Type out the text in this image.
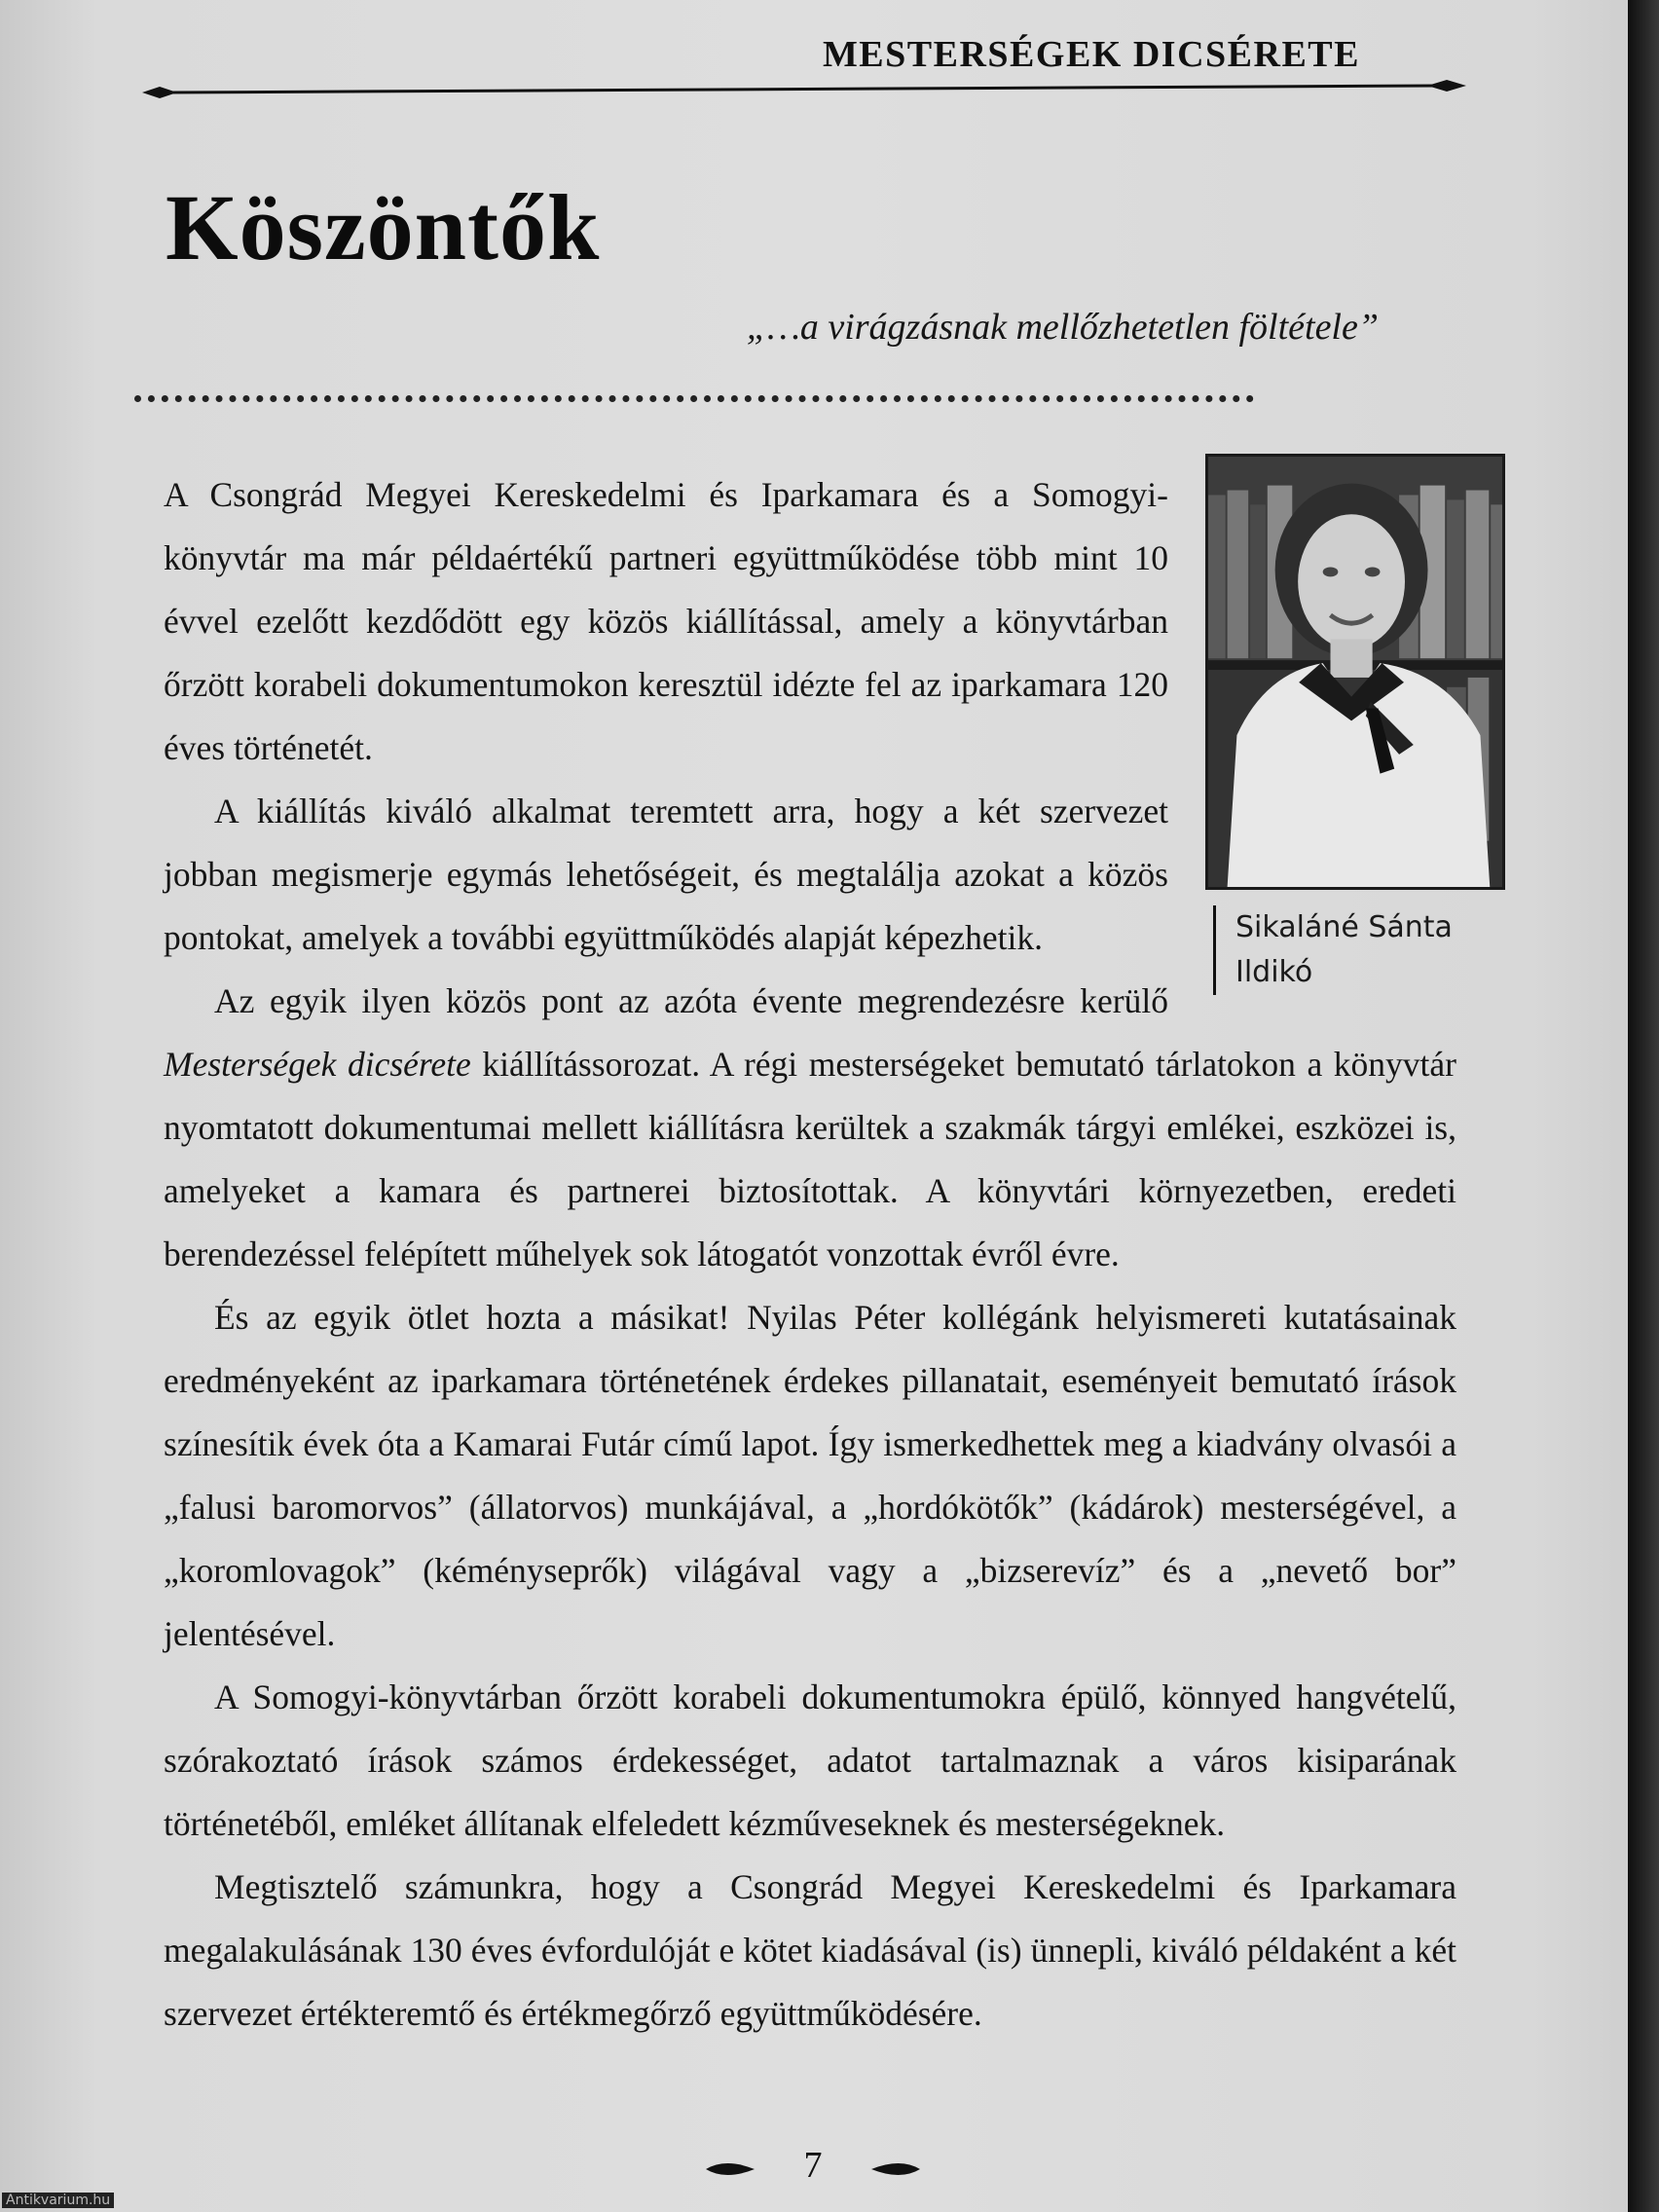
MESTERSÉGEK DICSÉRETE
Köszöntők
„…a virágzásnak mellőzhetetlen föltétele”
Sikaláné Sánta
Ildikó

A Csongrád Megyei Kereskedelmi és Iparkamara és a Somogyi-könyvtár ma már példaértékű partneri együttműködése több mint 10 évvel ezelőtt kezdődött egy közös kiállítással, amely a könyvtárban őrzött korabeli dokumentumokon keresztül idézte fel az iparkamara 120 éves történetét.

A kiállítás kiváló alkalmat teremtett arra, hogy a két szervezet jobban megismerje egymás lehetőségeit, és megtalálja azokat a közös pontokat, amelyek a további együttműködés alapját képezhetik.

Az egyik ilyen közös pont az azóta évente megrendezésre kerülő

Mesterségek dicsérete kiállítássorozat. A régi mesterségeket bemutató tárlatokon a könyvtár nyomtatott dokumentumai mellett kiállításra kerültek a szakmák tárgyi emlékei, eszközei is, amelyeket a kamara és partnerei biztosítottak. A könyvtári környezetben, eredeti berendezéssel felépített műhelyek sok látogatót vonzottak évről évre.

És az egyik ötlet hozta a másikat! Nyilas Péter kollégánk helyismereti kutatásainak eredményeként az iparkamara történetének érdekes pillanatait, eseményeit bemutató írások színesítik évek óta a Kamarai Futár című lapot. Így ismerkedhettek meg a kiadvány olvasói a „falusi baromorvos” (állatorvos) munkájával, a „hordókötők” (kádárok) mesterségével, a „koromlovagok” (kéményseprők) világával vagy a „bizserevíz” és a „nevető bor” jelentésével.

A Somogyi-könyvtárban őrzött korabeli dokumentumokra épülő, könnyed hangvételű, szórakoztató írások számos érdekességet, adatot tartalmaznak a város kisiparának történetéből, emléket állítanak elfeledett kézműveseknek és mesterségeknek.

Megtisztelő számunkra, hogy a Csongrád Megyei Kereskedelmi és Iparkamara megalakulásának 130 éves évfordulóját e kötet kiadásával (is) ünnepli, kiváló példaként a két szervezet értékteremtő és értékmegőrző együttműködésére.

7
Antikvarium.hu
